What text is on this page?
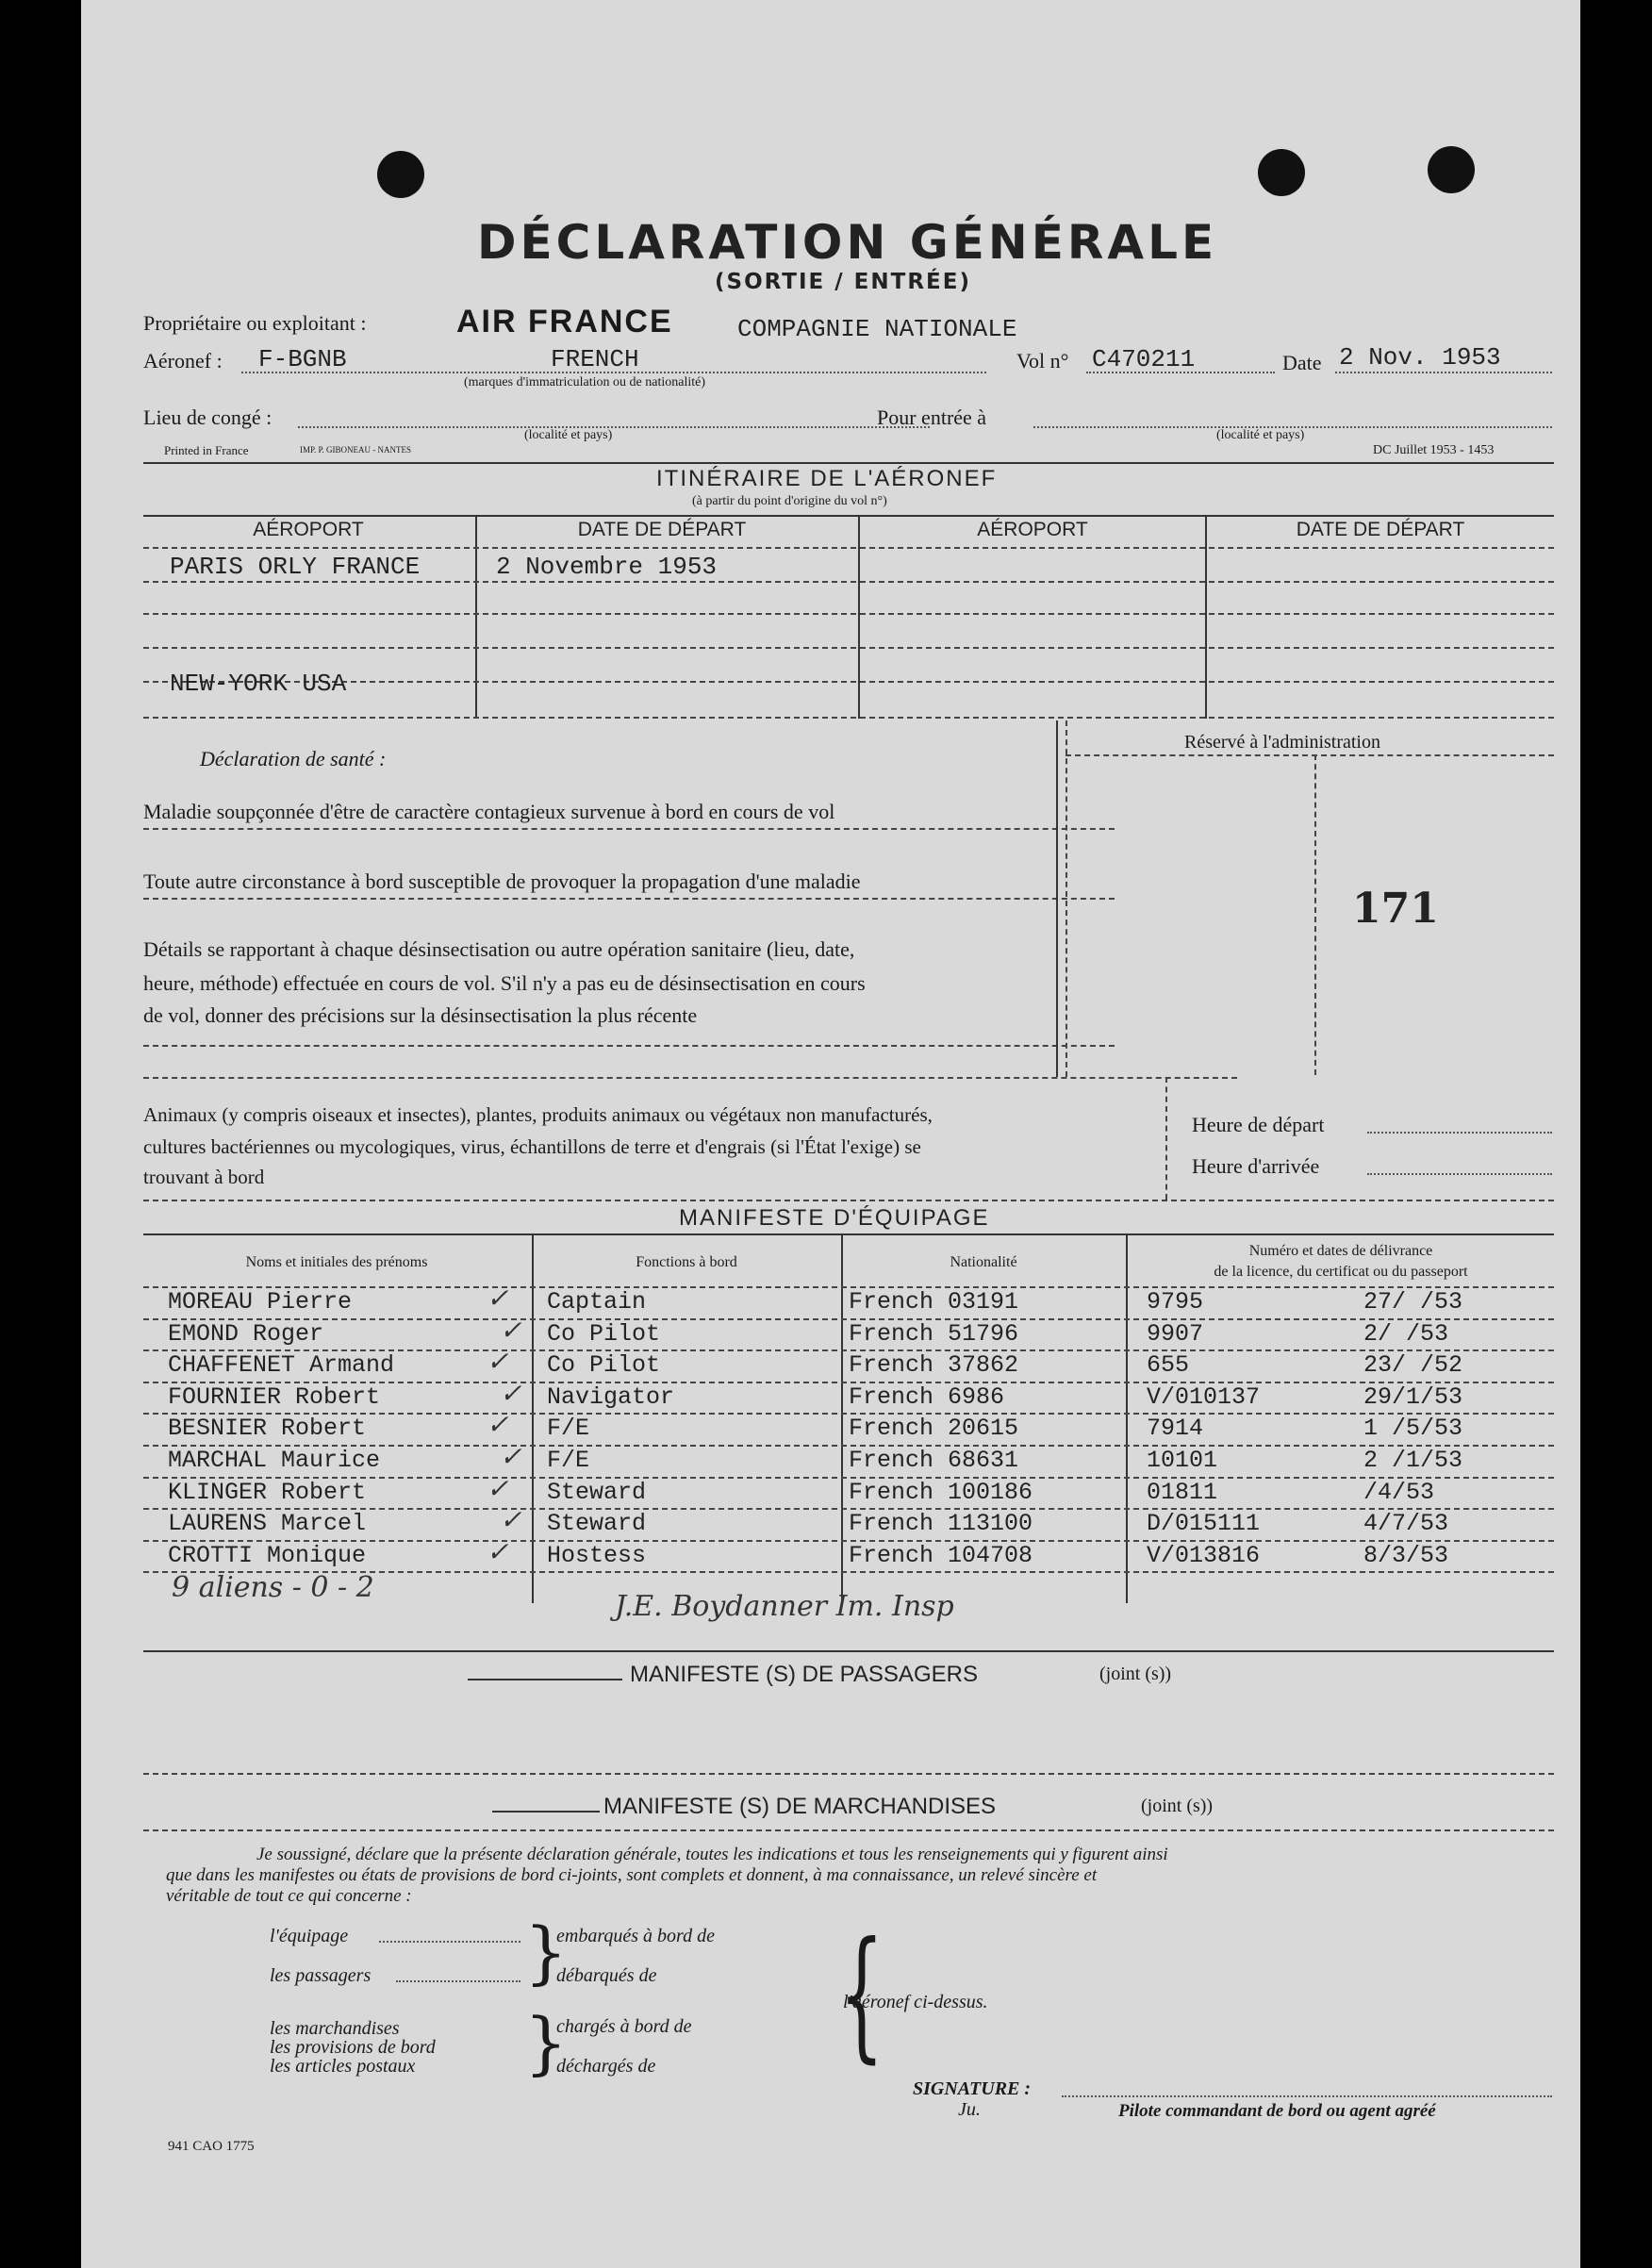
DÉCLARATION GÉNÉRALE
(SORTIE / ENTRÉE)
Propriétaire ou exploitant :	AIR FRANCE	COMPAGNIE NATIONALE
Aéronef : F-BGNB	FRENCH
(marques d'immatriculation ou de nationalité)
Vol n° C470211	Date 2 Nov. 1953
Lieu de congé :
(localité et pays)
Pour entrée à
(localité et pays)
Printed in France	IMP. P. GIBONEAU - NANTES	DC Juillet 1953 - 1453
ITINÉRAIRE DE L'AÉRONEF
(à partir du point d'origine du vol n°)
AÉROPORT	DATE DE DÉPART	AÉROPORT	DATE DE DÉPART
PARIS ORLY FRANCE	2 Novembre 1953
NEW-YORK USA
Déclaration de santé :
Maladie soupçonnée d'être de caractère contagieux survenue à bord en cours de vol
Toute autre circonstance à bord susceptible de provoquer la propagation d'une maladie
Détails se rapportant à chaque désinsectisation ou autre opération sanitaire (lieu, date,
heure, méthode) effectuée en cours de vol. S'il n'y a pas eu de désinsectisation en cours
de vol, donner des précisions sur la désinsectisation la plus récente
Réservé à l'administration
171
Animaux (y compris oiseaux et insectes), plantes, produits animaux ou végétaux non manufacturés,
cultures bactériennes ou mycologiques, virus, échantillons de terre et d'engrais (si l'État l'exige) se
trouvant à bord
Heure de départ
Heure d'arrivée
MANIFESTE D'ÉQUIPAGE
Noms et initiales des prénoms	Fonctions à bord	Nationalité
Numéro et dates de délivrance
de la licence, du certificat ou du passeport
MOREAU Pierre	Captain	French 03191	9795	27/ /53
✓
EMOND Roger	Co Pilot	French 51796	9907	2/ /53
✓
CHAFFENET Armand	Co Pilot	French 37862	655	23/ /52
✓
FOURNIER Robert	Navigator	French 6986	V/010137	29/1/53
✓
BESNIER Robert	F/E	French 20615	7914	1 /5/53
✓
MARCHAL Maurice	F/E	French 68631	10101	2 /1/53
✓
KLINGER Robert	Steward	French 100186	01811	/4/53
✓
LAURENS Marcel	Steward	French 113100	D/015111	4/7/53
✓
CROTTI Monique	Hostess	French 104708	V/013816	8/3/53
✓
9 aliens - 0 - 2
J.E. Boydanner Im. Insp
MANIFESTE (S) DE PASSAGERS	(joint (s))
MANIFESTE (S) DE MARCHANDISES	(joint (s))
Je soussigné, déclare que la présente déclaration générale, toutes les indications et tous les renseignements qui y figurent ainsi
que dans les manifestes ou états de provisions de bord ci-joints, sont complets et donnent, à ma connaissance, un relevé sincère et
véritable de tout ce qui concerne :
l'équipage
les passagers }
embarqués à bord de
débarqués de
les marchandises
les provisions de bord
les articles postaux }
chargés à bord de
déchargés de {
l'aéronef ci-dessus.
SIGNATURE :
Ju.	Pilote commandant de bord ou agent agréé
941 CAO 1775
